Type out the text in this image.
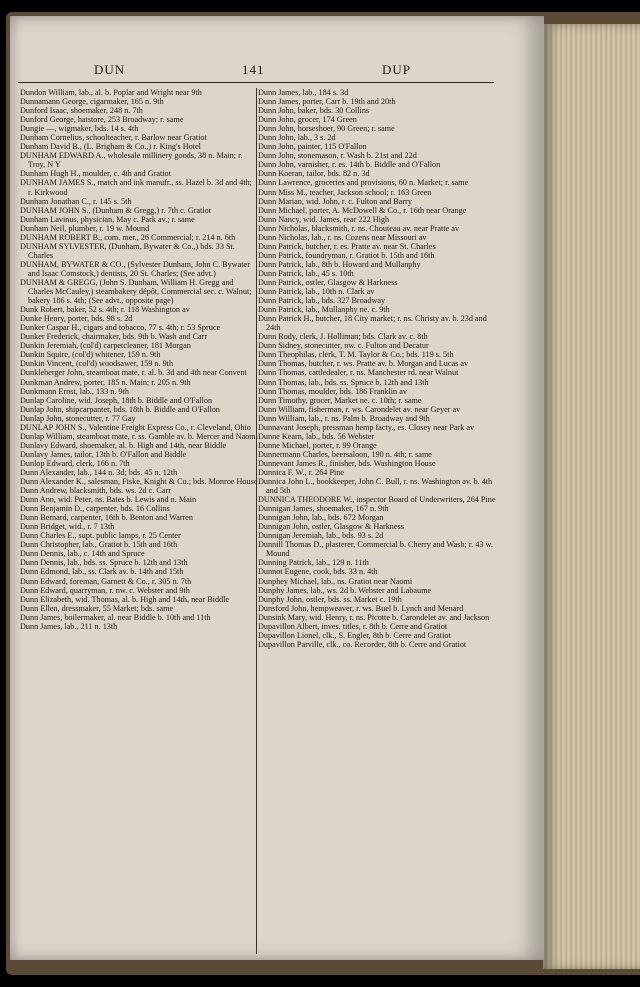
DUN	141	DUP

Dundon William, lab., al. b. Poplar and Wright near 9th

Dunnamann George, cigarmaker, 165 n. 9th

Dunford Isaac, shoemaker, 248 n. 7th

Dunford George, hatstore, 253 Broadway; r. same

Dungie —, wigmaker, bds. 14 s. 4th

Dunham Cornelius, schoolteacher, r. Barlow near Gratiot

Dunham David B., (L. Brigham & Co.,) r. King's Hotel

DUNHAM EDWARD A., wholesale millinery goods, 38 n. Main; r. Troy, N Y

Dunham Hugh H., moulder, c. 4th and Gratiot

DUNHAM JAMES S., match and ink manufr., ss. Hazel b. 3d and 4th; r. Kirkwood

Dunham Jonathan C., r. 145 s. 5th

DUNHAM JOHN S., (Dunham & Gregg,) r. 7th c. Gratiot

Dunham Lavinus, physician, May c. Park av.; r. same

Dunham Neil, plumber, r. 19 w. Mound

DUNHAM ROBERT B., com. mer., 26 Commercial; r. 214 n. 6th

DUNHAM SYLVESTER, (Dunham, Bywater & Co.,) bds. 33 St. Charles

DUNHAM, BYWATER & CO., (Sylvester Dunham, John C. Bywater and Isaac Comstock,) dentists, 20 St. Charles; (See advt.)

DUNHAM & GREGG, (John S. Dunham, William H. Gregg and Charles McCauley,) steambakery dépôt, Commercial sec. c. Walnut; bakery 186 s. 4th; (See advt., opposite page)

Dunk Robert, baker, 52 s. 4th; r. 118 Washington av

Dunke Henry, porter, bds. 98 s. 2d

Dunker Caspar H., cigars and tobacco, 77 s. 4th; r. 53 Spruce

Dunker Frederick, chairmaker, bds. 9th b. Wash and Carr

Dunkin Jeremiah, (col'd) carpetcleaner, 181 Morgan

Dunkin Squire, (col'd) whitener, 159 n. 9th

Dunkin Vincent, (col'd) woodsawer, 159 n. 9th

Dunkleberger John, steamboat mate, r. al. b. 3d and 4th near Convent

Dunkman Andrew, porter, 185 n. Main; r. 205 n. 9th

Dunkmann Ernst, lab., 133 n. 9th

Dunlap Caroline, wid. Joseph, 18th b. Biddle and O'Fallon

Dunlap John, shipcarpanter, bds. 18th b. Biddle and O'Fallon

Dunlap John, stonecutter, r. 77 Gay

DUNLAP JOHN S., Valentine Freight Express Co., r. Cleveland, Ohio

Dunlap William, steamboat mate, r. ss. Gamble av. b. Mercer and Naomi

Dunlavy Edward, shoemaker, al. b. High and 14th, near Biddle

Dunlavy James, tailor, 13th b. O'Fallon and Biddle

Dunlop Edward, clerk, 166 n. 7th

Dunn Alexander, lab., 144 n. 3d; bds. 45 n. 12th

Dunn Alexander K., salesman, Fiske, Knight & Co.; bds. Monroe House

Dunn Andrew, blacksmith, bds. ws. 2d c. Carr

Dunn Ann, wid. Peter, ns. Bates b. Lewis and n. Main

Dunn Benjamin D., carpenter, bds. 16 Collins

Dunn Bernard, carpenter, 16th b. Benton and Warren

Dunn Bridget, wid., r. 7 13th

Dunn Charles E., supt. public lamps, r. 25 Center

Dunn Christopher, lab., Gratiot b. 15th and 16th

Dunn Dennis, lab., c. 14th and Spruce

Dunn Dennis, lab., bds. ss. Spruce b. 12th and 13th

Dunn Edmond, lab., ss. Clark av. b. 14th and 15th

Dunn Edward, foreman, Garnett & Co., r. 305 n. 7th

Dunn Edward, quarryman, r. nw. c. Webster and 9th

Dunn Elizabeth, wid. Thomas, al. b. High and 14th, near Biddle

Dunn Ellen, dressmaker, 55 Market; bds. same

Dunn James, boilermaker, al. near Biddle b. 10th and 11th

Dunn James, lab., 211 n. 13th

Dunn James, lab., 184 s. 3d

Dunn James, porter, Carr b. 19th and 20th

Dunn John, baker, bds. 30 Collins

Dunn John, grocer, 174 Green

Dunn John, horseshoer, 90 Green; r. same

Dunn John, lab., 3 s. 2d

Dunn John, painter, 115 O'Fallon

Dunn John, stonemason, r. Wash b. 21st and 22d

Dunn John, varnisher, r. es. 14th b. Biddle and O'Fallon

Dunn Koeran, tailor, bds. 82 n. 3d

Dunn Lawrence, groceries and provisions, 60 n. Market; r. same

Dunn Miss M., teacher, Jackson school; r. 163 Green

Dunn Marian, wid. John, r. c. Fulton and Barry

Dunn Michael, porter, A. McDowell & Co., r. 16th near Orange

Dunn Nancy, wid. James, rear 222 High

Dunn Nicholas, blacksmith, r. ns. Chouteau av. near Pratte av

Dunn Nicholas, lab., r. ns. Cozens near Missouri av

Dunn Patrick, butcher, r. es. Pratte av. near St. Charles

Dunn Patrick, foundryman, r. Gratiot b. 15th and 16th

Dunn Patrick, lab., 8th b. Howard and Mullanphy

Dunn Patrick, lab., 45 s. 10th

Dunn Patrick, ostler, Glasgow & Harkness

Dunn Patrick, lab., 10th n. Clark av

Dunn Patrick, lab., bds. 327 Broadway

Dunn Patrick, lab., Mullanphy ne. c. 9th

Dunn Patrick H., butcher, 18 City market; r. ns. Christy av. b. 23d and 24th

Dunn Rody, clerk, J. Holliman; bds. Clark av. c. 8th

Dunn Sidney, stonecutter, nw. c. Fulton and Decatur

Dunn Theophilas, clerk, T. M. Taylor & Co.; bds. 119 s. 5th

Dunn Thomas, butcher, r. ws. Pratte av. b. Morgan and Lucas av

Dunn Thomas, cattledealer, r. ns. Manchester rd. near Walnut

Dunn Thomas, lab., bds. ss. Spruce b. 12th and 13th

Dunn Thomas, moulder, bds. 186 Franklin av

Dunn Timothy, grocer, Market ne. c. 10th; r. same

Dunn William, fisherman, r. ws. Carondelet av. near Geyer av

Dunn William, lab., r. ns. Palm b. Broadway and 9th

Dunnavant Joseph, pressman hemp facty., es. Closey near Park av

Dunne Kearn, lab., bds. 56 Webster

Dunne Michael, porter, r. 99 Orange

Dunnermann Charles, beersaloon, 190 n. 4th; r. same

Dunnevant James R., finisher, bds. Washington House

Dunnica F. W., r. 264 Pine

Dunnica John L., bookkeeper, John C. Bull, r. ns. Washington av. b. 4th and 5th

DUNNICA THEODORE W., inspector Board of Underwriters, 264 Pine

Dunnigan James, shoemaker, 167 n. 9th

Dunnigan John, lab., bds. 672 Morgan

Dunnigan John, ostler, Glasgow & Harkness

Dunnigan Jeremiah, lab., bds. 93 s. 2d

Dunnill Thomas D., plasterer, Commercial b. Cherry and Wash; r. 43 w. Mound

Dunning Patrick, lab., 129 n. 11th

Dunnot Eugene, cook, bds. 33 n. 4th

Dunphey Michael, lab., ns. Gratiot near Naomi

Dunphy James, lab., ws. 2d b. Webster and Labaume

Dunphy John, ostler, bds. ss. Market c. 19th

Dunsford John, hempweaver, r. ws. Buel b. Lynch and Menard

Dunsink Mary, wid. Henry, r. ns. Picotte b. Carondelet av. and Jackson

Dupavillon Albert, inves. titles, r. 8th b. Cerre and Gratiot

Dupavillon Lionel, clk., S. Engler, 8th b. Cerre and Gratiot

Dupavillon Parville, clk., co. Recorder, 8th b. Cerre and Gratiot
